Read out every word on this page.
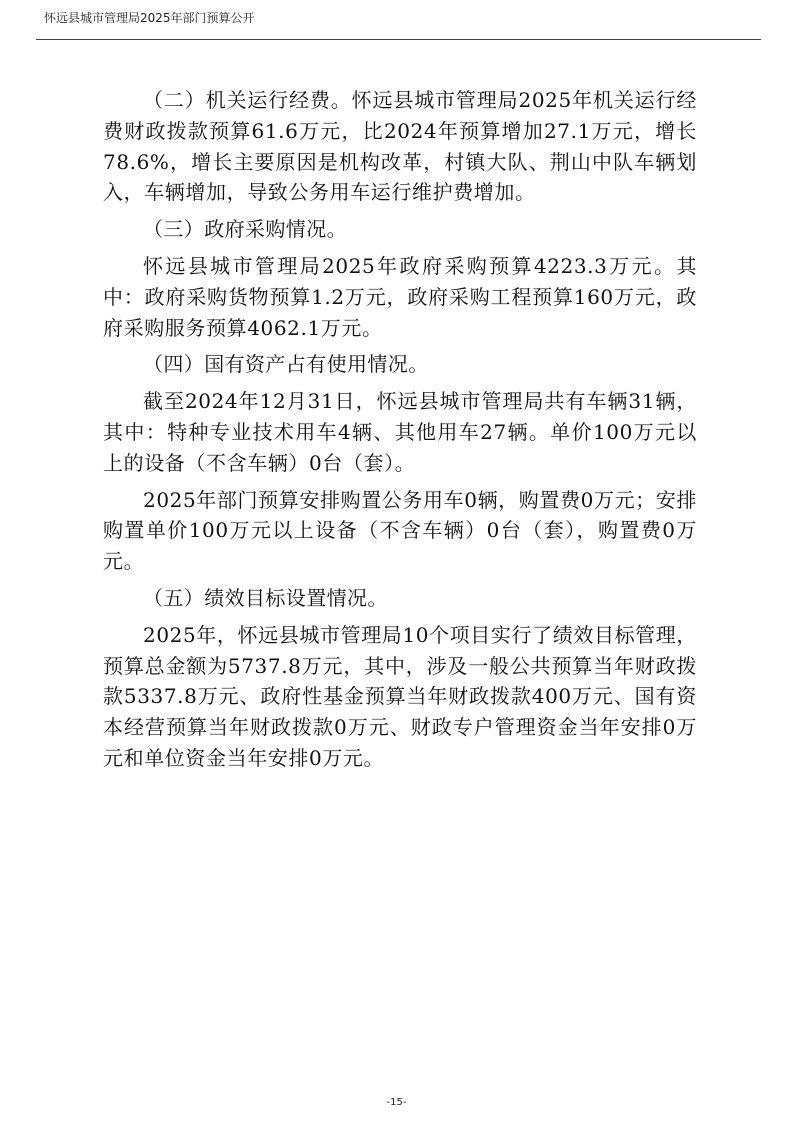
怀远县城市管理局2025年部门预算公开

（二）机关运行经费。怀远县城市管理局2025年机关运行经费财政拨款预算61.6万元，比2024年预算增加27.1万元，增长78.6%，增长主要原因是机构改革，村镇大队、荆山中队车辆划入，车辆增加，导致公务用车运行维护费增加。

（三）政府采购情况。

怀远县城市管理局2025年政府采购预算4223.3万元。其中：政府采购货物预算1.2万元，政府采购工程预算160万元，政府采购服务预算4062.1万元。

（四）国有资产占有使用情况。

截至2024年12月31日，怀远县城市管理局共有车辆31辆，其中：特种专业技术用车4辆、其他用车27辆。单价100万元以上的设备（不含车辆）0台（套）。

2025年部门预算安排购置公务用车0辆，购置费0万元；安排购置单价100万元以上设备（不含车辆）0台（套），购置费0万元。

（五）绩效目标设置情况。

2025年，怀远县城市管理局10个项目实行了绩效目标管理，预算总金额为5737.8万元，其中，涉及一般公共预算当年财政拨款5337.8万元、政府性基金预算当年财政拨款400万元、国有资本经营预算当年财政拨款0万元、财政专户管理资金当年安排0万元和单位资金当年安排0万元。

-15-
